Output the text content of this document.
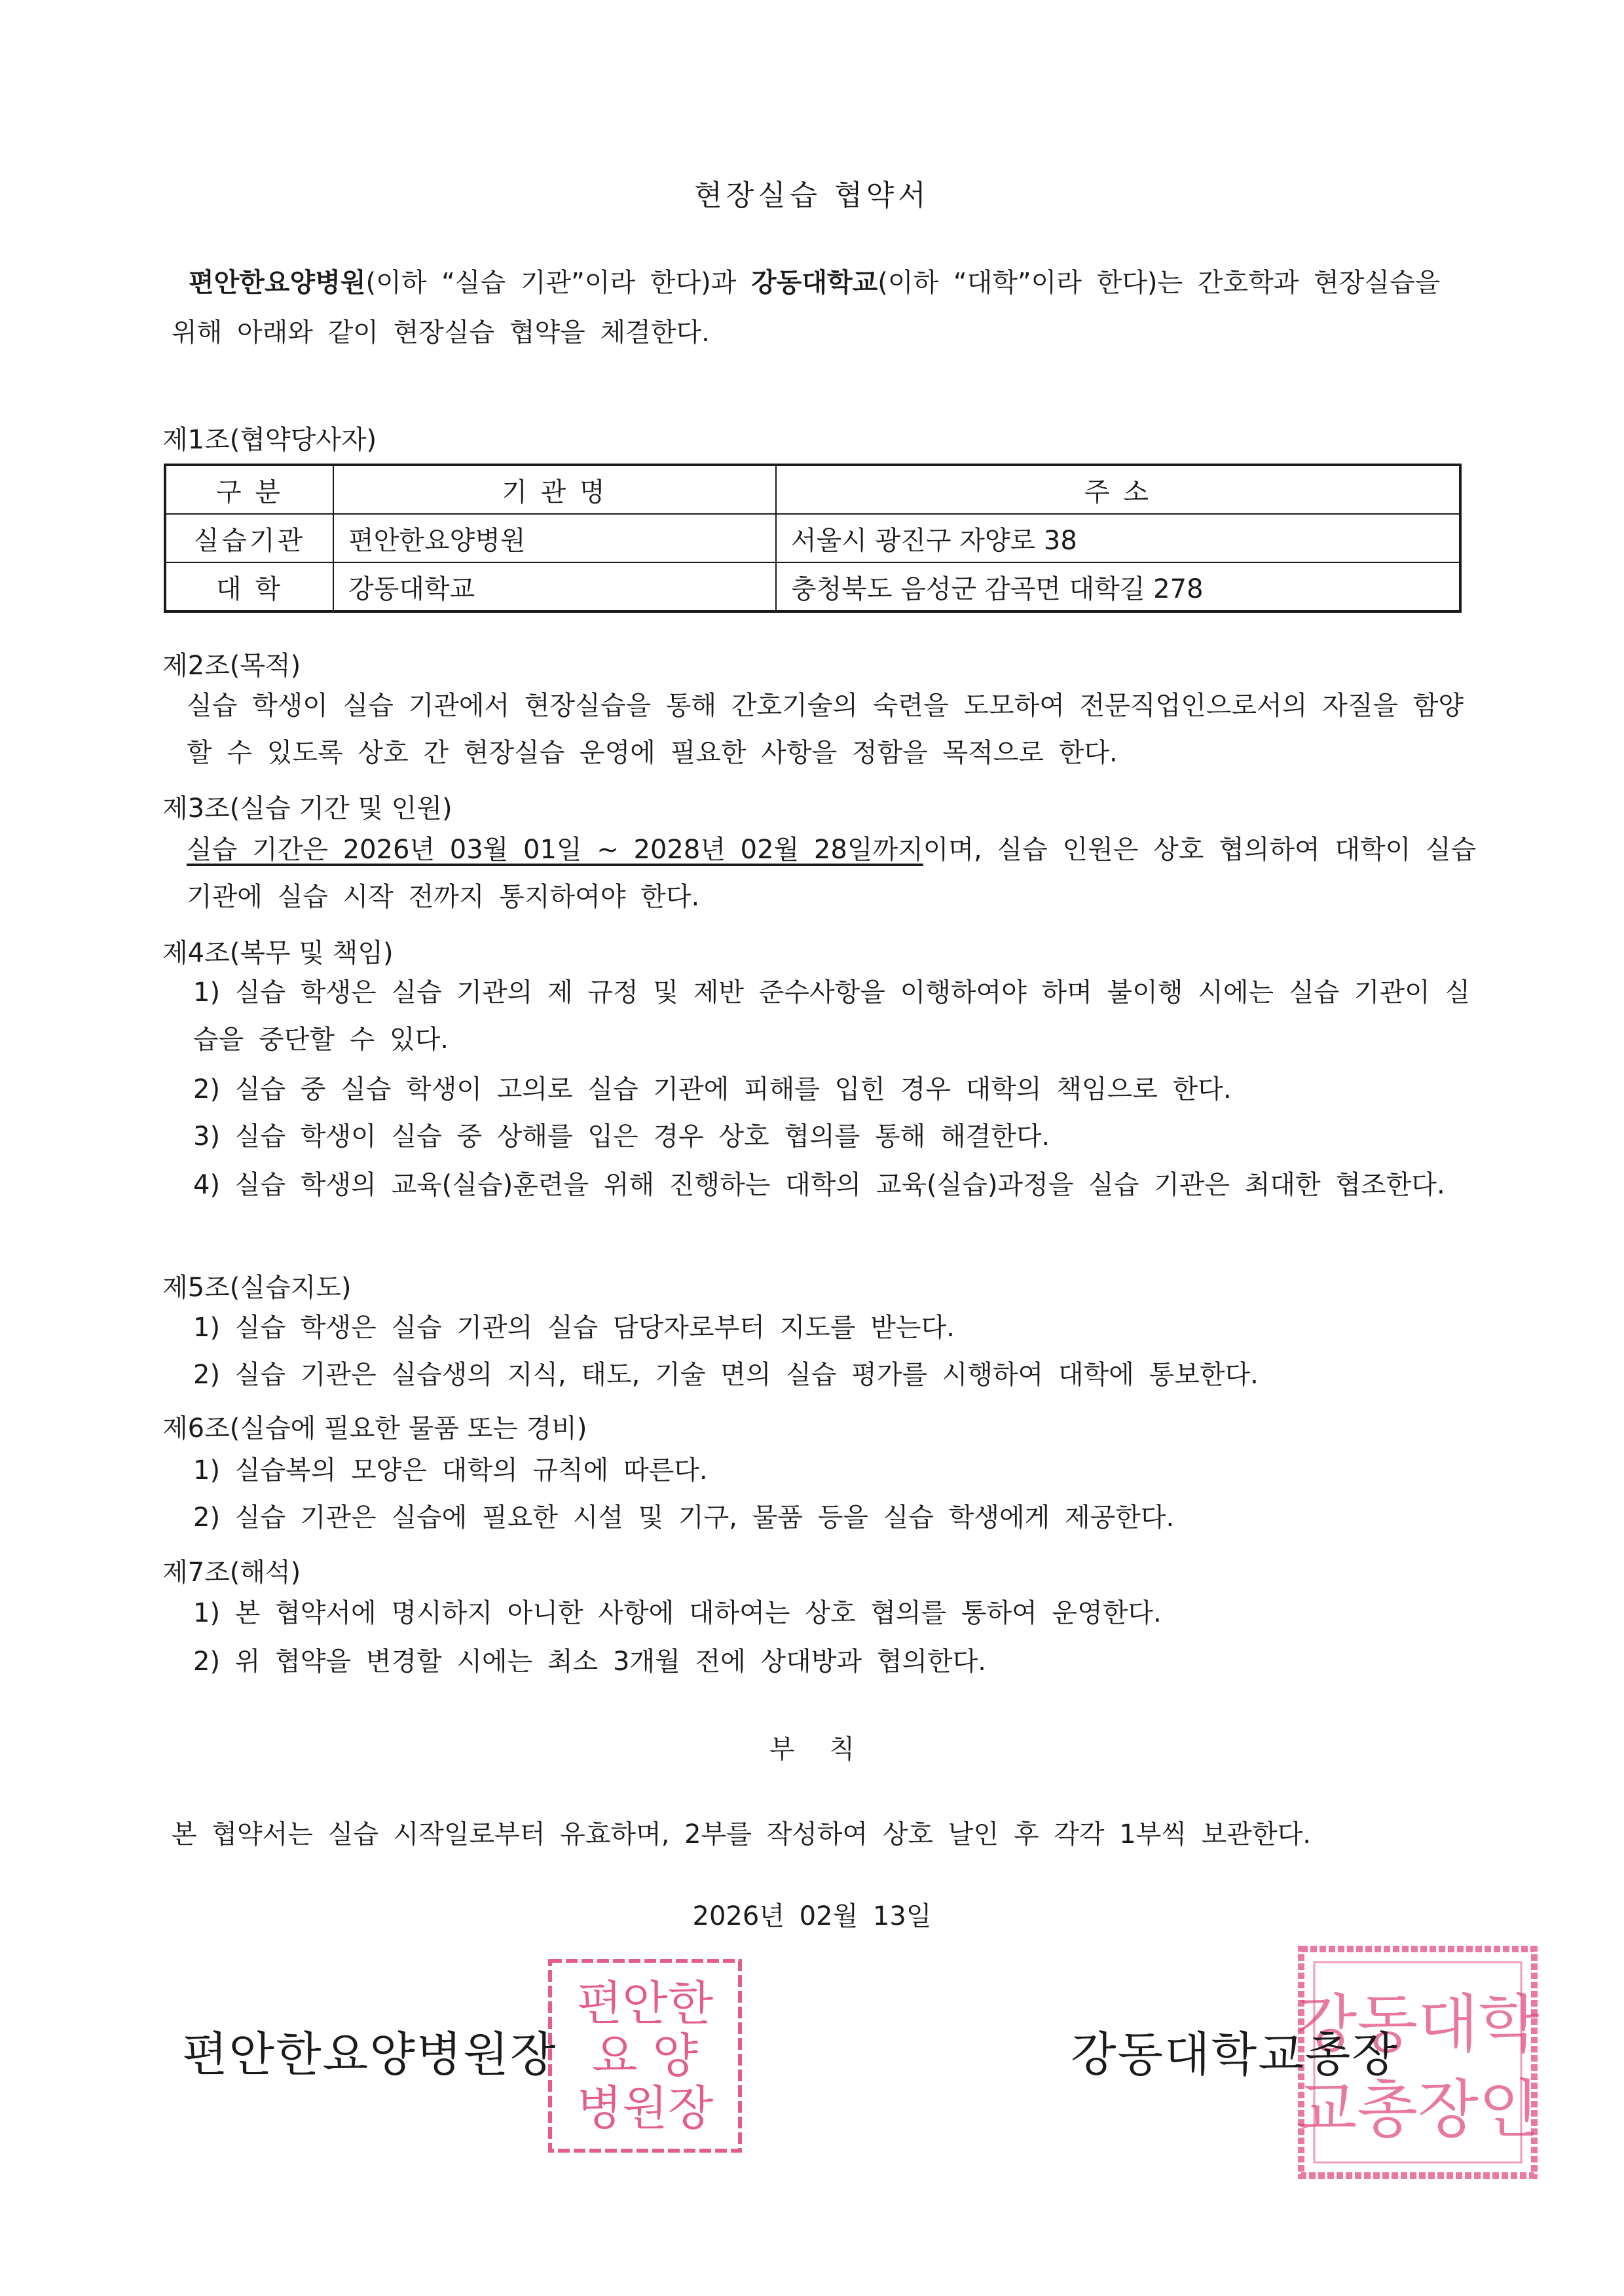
현장실습 협약서
편안한요양병원(이하 “실습 기관”이라 한다)과 강동대학교(이하 “대학”이라 한다)는 간호학과 현장실습을 위해 아래와 같이 현장실습 협약을 체결한다.
제1조(협약당사자)
구 분	기 관 명	주 소
실습기관	편안한요양병원	서울시 광진구 자양로 38
대 학	강동대학교	충청북도 음성군 감곡면 대학길 278
제2조(목적)
실습 학생이 실습 기관에서 현장실습을 통해 간호기술의 숙련을 도모하여 전문직업인으로서의 자질을 함양할 수 있도록 상호 간 현장실습 운영에 필요한 사항을 정함을 목적으로 한다.
제3조(실습 기간 및 인원)
실습 기간은 2026년 03월 01일 ~ 2028년 02월 28일까지이며, 실습 인원은 상호 협의하여 대학이 실습 기관에 실습 시작 전까지 통지하여야 한다.
제4조(복무 및 책임)
1) 실습 학생은 실습 기관의 제 규정 및 제반 준수사항을 이행하여야 하며 불이행 시에는 실습 기관이 실습을 중단할 수 있다.
2) 실습 중 실습 학생이 고의로 실습 기관에 피해를 입힌 경우 대학의 책임으로 한다.
3) 실습 학생이 실습 중 상해를 입은 경우 상호 협의를 통해 해결한다.
4) 실습 학생의 교육(실습)훈련을 위해 진행하는 대학의 교육(실습)과정을 실습 기관은 최대한 협조한다.
제5조(실습지도)
1) 실습 학생은 실습 기관의 실습 담당자로부터 지도를 받는다.
2) 실습 기관은 실습생의 지식, 태도, 기술 면의 실습 평가를 시행하여 대학에 통보한다.
제6조(실습에 필요한 물품 또는 경비)
1) 실습복의 모양은 대학의 규칙에 따른다.
2) 실습 기관은 실습에 필요한 시설 및 기구, 물품 등을 실습 학생에게 제공한다.
제7조(해석)
1) 본 협약서에 명시하지 아니한 사항에 대하여는 상호 협의를 통하여 운영한다.
2) 위 협약을 변경할 시에는 최소 3개월 전에 상대방과 협의한다.
부 칙
본 협약서는 실습 시작일로부터 유효하며, 2부를 작성하여 상호 날인 후 각각 1부씩 보관한다.
2026년 02월 13일
편안한
요 양
병원장
강동대학
교총장인
편안한요양병원장	강동대학교총장
